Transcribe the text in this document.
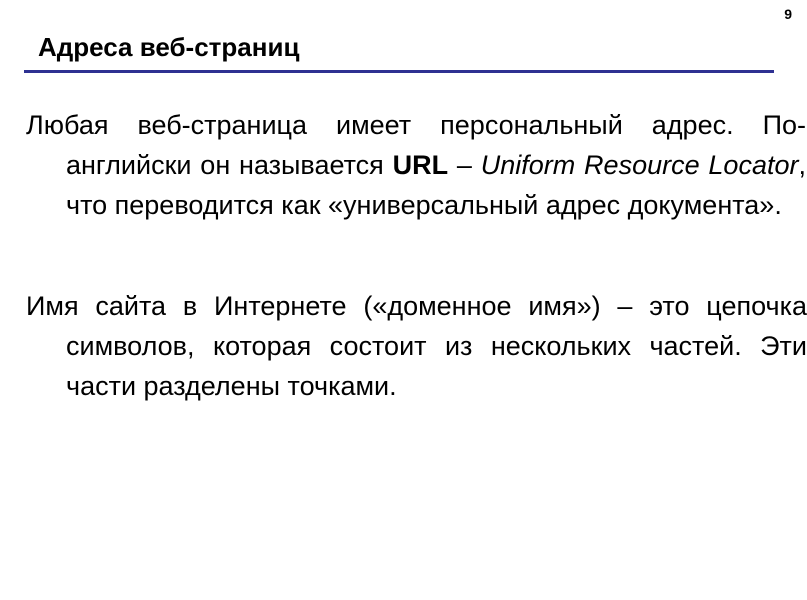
9
Адреса веб-страниц

Любая веб-страница имеет персональный адрес. По-английски он называется URL – Uniform Resource Locator, что переводится как «универсальный адрес документа».

Имя сайта в Интернете («доменное имя») – это цепочка символов, которая состоит из нескольких частей. Эти части разделены точками.
